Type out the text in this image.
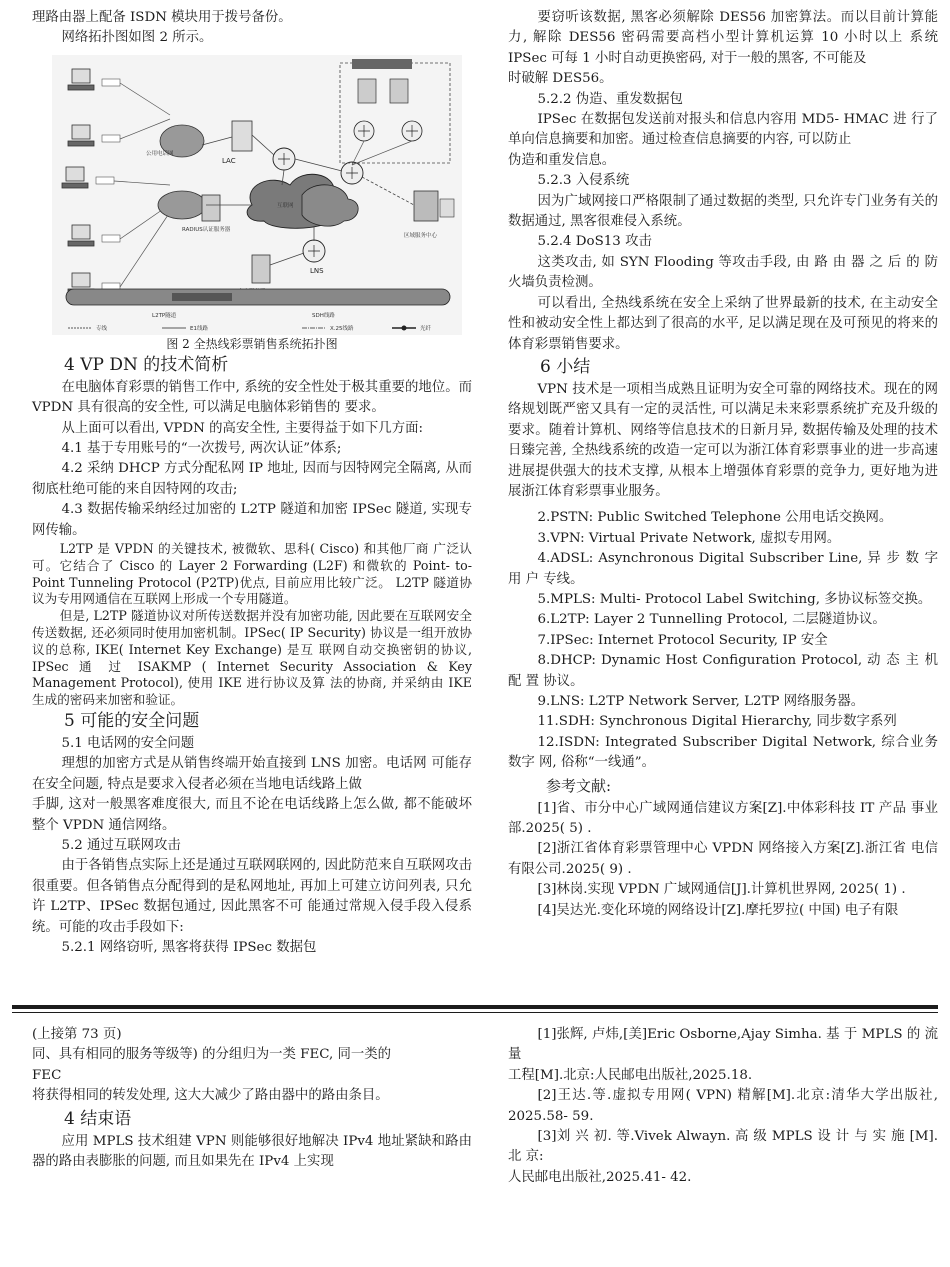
理路由器上配备 ISDN 模块用于拨号备份。

网络拓扑图如图 2 所示。

LAC
RADIUS认证服务器
互联网
LNS
区域服务中心
L2TP隧道	SDH线路
专线	E1线路	X.25线路	光纤
公用电话网

图 2 全热线彩票销售系统拓扑图

4 VP DN 的技术简析

在电脑体育彩票的销售工作中, 系统的安全性处于极其重要的地位。而 VPDN 具有很高的安全性, 可以满足电脑体彩销售的 要求。

从上面可以看出, VPDN 的高安全性, 主要得益于如下几方面:

4.1 基于专用账号的“一次拨号, 两次认证”体系;

4.2 采纳 DHCP 方式分配私网 IP 地址, 因而与因特网完全隔离, 从而彻底杜绝可能的来自因特网的攻击;

4.3 数据传输采纳经过加密的 L2TP 隧道和加密 IPSec 隧道, 实现专网传输。

L2TP 是 VPDN 的关键技术, 被微软、思科( Cisco) 和其他厂商 广泛认可。它结合了 Cisco 的 Layer 2 Forwarding (L2F) 和微软的 Point- to- Point Tunneling Protocol (P2TP)优点, 目前应用比较广泛。 L2TP 隧道协议为专用网通信在互联网上形成一个专用隧道。

但是, L2TP 隧道协议对所传送数据并没有加密功能, 因此要在互联网安全传送数据, 还必须同时使用加密机制。IPSec( IP Security) 协议是一组开放协议的总称, IKE( Internet Key Exchange) 是互 联网自动交换密钥的协议, IPSec 通 过 ISAKMP ( Internet Security Association & Key Management Protocol), 使用 IKE 进行协议及算 法的协商, 并采纳由 IKE 生成的密码来加密和验证。

5 可能的安全问题

5.1 电话网的安全问题

理想的加密方式是从销售终端开始直接到 LNS 加密。电话网 可能存在安全问题, 特点是要求入侵者必须在当地电话线路上做

手脚, 这对一般黑客难度很大, 而且不论在电话线路上怎么做, 都不能破坏整个 VPDN 通信网络。

5.2 通过互联网攻击

由于各销售点实际上还是通过互联网联网的, 因此防范来自互联网攻击很重要。但各销售点分配得到的是私网地址, 再加上可建立访问列表, 只允许 L2TP、IPSec 数据包通过, 因此黑客不可 能通过常规入侵手段入侵系统。可能的攻击手段如下:

5.2.1 网络窃听, 黑客将获得 IPSec 数据包

要窃听该数据, 黑客必须解除 DES56 加密算法。而以目前计算能力, 解除 DES56 密码需要高档小型计算机运算 10 小时以上 系统 IPSec 可每 1 小时自动更换密码, 对于一般的黑客, 不可能及

时破解 DES56。

5.2.2 伪造、重发数据包

IPSec 在数据包发送前对报头和信息内容用 MD5- HMAC 进 行了单向信息摘要和加密。通过检查信息摘要的内容, 可以防止

伪造和重发信息。

5.2.3 入侵系统

因为广域网接口严格限制了通过数据的类型, 只允许专门业务有关的数据通过, 黑客很难侵入系统。

5.2.4 DoS13 攻击

这类攻击, 如 SYN Flooding 等攻击手段, 由 路 由 器 之 后 的 防 火墙负责检测。

可以看出, 全热线系统在安全上采纳了世界最新的技术, 在主动安全性和被动安全性上都达到了很高的水平, 足以满足现在及可预见的将来的体育彩票销售要求。

6 小结

VPN 技术是一项相当成熟且证明为安全可靠的网络技术。现在的网络规划既严密又具有一定的灵活性, 可以满足未来彩票系统扩充及升级的要求。随着计算机、网络等信息技术的日新月异, 数据传输及处理的技术日臻完善, 全热线系统的改造一定可以为浙江体育彩票事业的进一步高速进展提供强大的技术支撑, 从根本上增强体育彩票的竞争力, 更好地为进展浙江体育彩票事业服务。

2.PSTN: Public Switched Telephone 公用电话交换网。

3.VPN: Virtual Private Network, 虚拟专用网。

4.ADSL: Asynchronous Digital Subscriber Line, 异 步 数 字 用 户 专线。

5.MPLS: Multi- Protocol Label Switching, 多协议标签交换。

6.L2TP: Layer 2 Tunnelling Protocol, 二层隧道协议。

7.IPSec: Internet Protocol Security, IP 安全

8.DHCP: Dynamic Host Configuration Protocol, 动 态 主 机 配 置 协议。

9.LNS: L2TP Network Server, L2TP 网络服务器。

11.SDH: Synchronous Digital Hierarchy, 同步数字系列

12.ISDN: Integrated Subscriber Digital Network, 综合业务数字 网, 俗称“一线通”。

参考文献:

[1]省、市分中心广域网通信建议方案[Z].中体彩科技 IT 产品 事业部.2025( 5) .

[2]浙江省体育彩票管理中心 VPDN 网络接入方案[Z].浙江省 电信有限公司.2025( 9) .

[3]林岗.实现 VPDN 广域网通信[J].计算机世界网, 2025( 1) .

[4]吴达光.变化环境的网络设计[Z].摩托罗拉( 中国) 电子有限

(上接第 73 页)

同、具有相同的服务等级等) 的分组归为一类 FEC, 同一类的

FEC

将获得相同的转发处理, 这大大减少了路由器中的路由条目。

4 结束语

应用 MPLS 技术组建 VPN 则能够很好地解决 IPv4 地址紧缺和路由器的路由表膨胀的问题, 而且如果先在 IPv4 上实现

[1]张辉, 卢炜,[美]Eric Osborne,Ajay Simha. 基 于 MPLS 的 流 量

工程[M].北京:人民邮电出版社,2025.18.

[2]王达.等.虚拟专用网( VPN) 精解[M].北京:清华大学出版社, 2025.58- 59.

[3]刘 兴 初. 等.Vivek Alwayn. 高 级 MPLS 设 计 与 实 施 [M]. 北 京:

人民邮电出版社,2025.41- 42.
